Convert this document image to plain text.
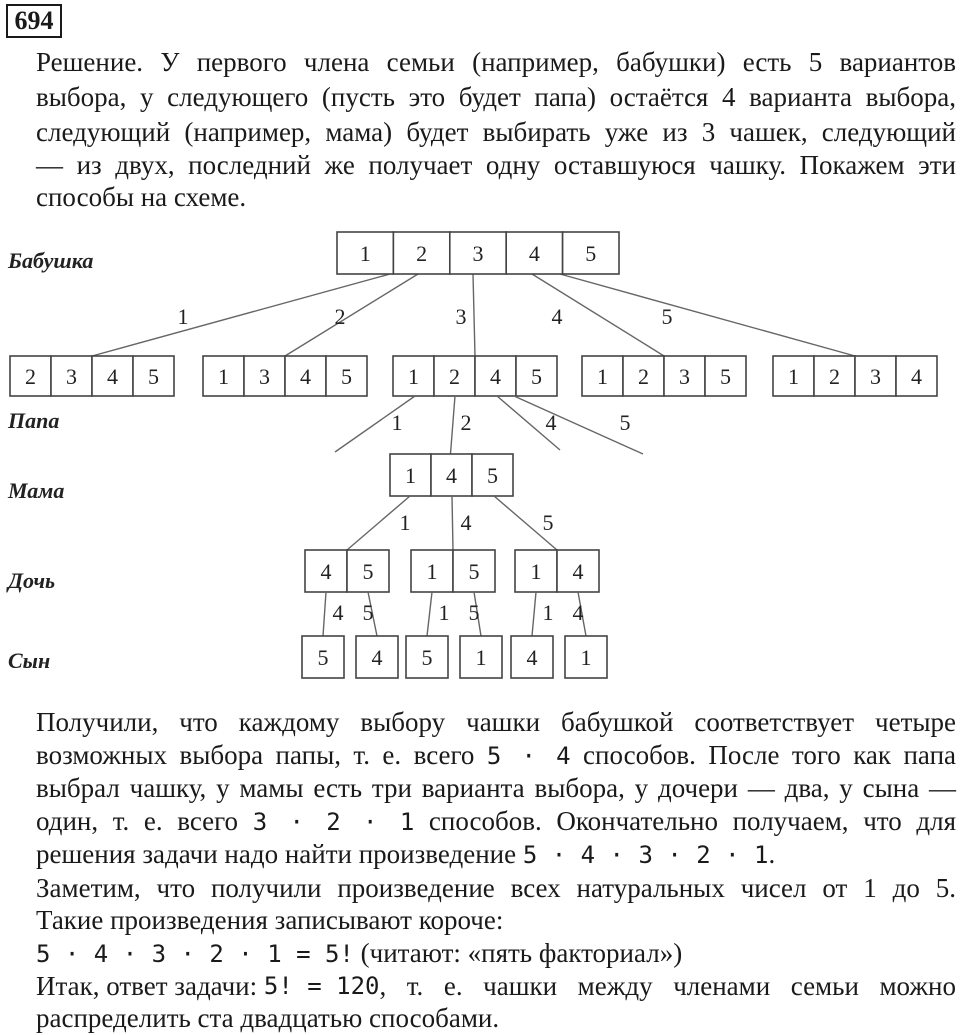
694

Решение. У первого члена семьи (например, бабушки) есть 5 вариантов

выбора, у следующего (пусть это будет папа) остаётся 4 варианта выбора,

следующий (например, мама) будет выбирать уже из 3 чашек, следующий

— из двух, последний же получает одну оставшуюся чашку. Покажем эти

способы на схеме.

Бабушка
Папа
Мама
Дочь
Сын
1	2	3	4	5
1 2 3 4 5
2 3 4 5	1 3 4 5	1 2 4 5	1 2 3 5	1 2 3 4
1	2	4	5
1 4 5
1 4	5
4 5 1 5 1 4
4
5
5
4
1
5
5
1
1
4
4
1

Получили, что каждому выбору чашки бабушкой соответствует четыре

возможных выбора папы, т. е. всего 5 · 4 способов. После того как папа

выбрал чашку, у мамы есть три варианта выбора, у дочери — два, у сына —

один, т. е. всего 3 · 2 · 1 способов. Окончательно получаем, что для

решения задачи надо найти произведение 5 · 4 · 3 · 2 · 1.

Заметим, что получили произведение всех натуральных чисел от 1 до 5.

Такие произведения записывают короче:

5 · 4 · 3 · 2 · 1 = 5! (читают: «пять факториал»)

Итак, ответ задачи: 5! = 120 , т. е. чашки между членами семьи можно

распределить ста двадцатью способами.
